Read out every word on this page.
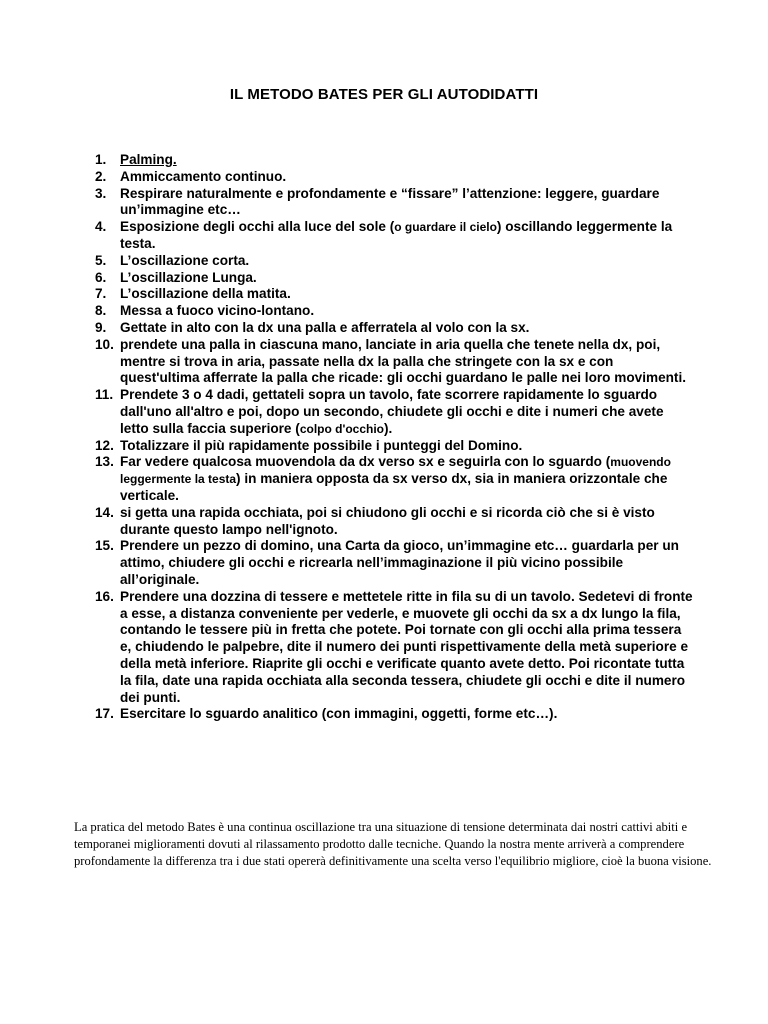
IL METODO BATES PER GLI AUTODIDATTI
1. Palming.
2. Ammiccamento continuo.
3. Respirare naturalmente e profondamente e “fissare” l’attenzione: leggere, guardare un’immagine etc…
4. Esposizione degli occhi alla luce del sole (o guardare il cielo) oscillando leggermente la testa.
5. L’oscillazione corta.
6. L’oscillazione Lunga.
7. L’oscillazione della matita.
8. Messa a fuoco vicino-lontano.
9. Gettate in alto con la dx una palla e afferratela al volo con la sx.
10. prendete una palla in ciascuna mano, lanciate in aria quella che tenete nella dx, poi, mentre si trova in aria, passate nella dx la palla che stringete con la sx e con quest'ultima afferrate la palla che ricade: gli occhi guardano le palle nei loro movimenti.
11. Prendete 3 o 4 dadi, gettateli sopra un tavolo, fate scorrere rapidamente lo sguardo dall'uno all'altro e poi, dopo un secondo, chiudete gli occhi e dite i numeri che avete letto sulla faccia superiore (colpo d'occhio).
12. Totalizzare il più rapidamente possibile i punteggi del Domino.
13. Far vedere qualcosa muovendola da dx verso sx e seguirla con lo sguardo (muovendo leggermente la testa) in maniera opposta da sx verso dx, sia in maniera orizzontale che verticale.
14. si getta una rapida occhiata, poi si chiudono gli occhi e si ricorda ciò che si è visto durante questo lampo nell'ignoto.
15. Prendere un pezzo di domino, una Carta da gioco, un’immagine etc… guardarla per un attimo, chiudere gli occhi e ricrearla nell’immaginazione il più vicino possibile all’originale.
16. Prendere una dozzina di tessere e mettetele ritte in fila su di un tavolo. Sedetevi di fronte a esse, a distanza conveniente per vederle, e muovete gli occhi da sx a dx lungo la fila, contando le tessere più in fretta che potete. Poi tornate con gli occhi alla prima tessera e, chiudendo le palpebre, dite il numero dei punti rispettivamente della metà superiore e della metà inferiore. Riaprite gli occhi e verificate quanto avete detto. Poi ricontate tutta la fila, date una rapida occhiata alla seconda tessera, chiudete gli occhi e dite il numero dei punti.
17. Esercitare lo sguardo analitico (con immagini, oggetti, forme etc…).

La pratica del metodo Bates è una continua oscillazione tra una situazione di tensione determinata dai nostri cattivi abiti e temporanei miglioramenti dovuti al rilassamento prodotto dalle tecniche. Quando la nostra mente arriverà a comprendere profondamente la differenza tra i due stati opererà definitivamente una scelta verso l'equilibrio migliore, cioè la buona visione.
